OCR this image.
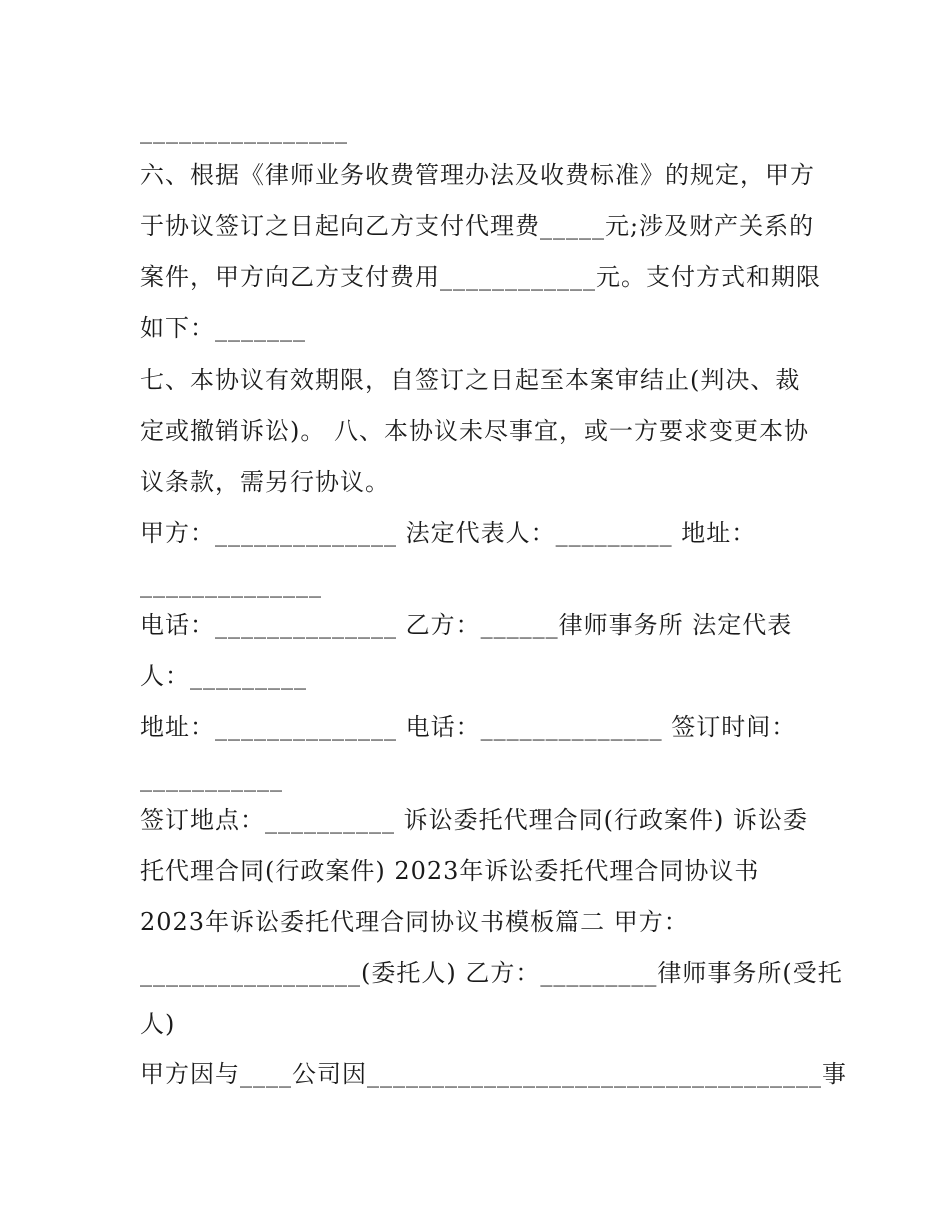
________________
六、根据《律师业务收费管理办法及收费标准》的规定，甲方
于协议签订之日起向乙方支付代理费_____元;涉及财产关系的
案件，甲方向乙方支付费用____________元。支付方式和期限
如下：_______
七、本协议有效期限，自签订之日起至本案审结止(判决、裁
定或撤销诉讼)。 八、本协议未尽事宜，或一方要求变更本协
议条款，需另行协议。
甲方：______________ 法定代表人：_________ 地址：
______________
电话：______________ 乙方：______律师事务所 法定代表
人：_________
地址：______________ 电话：______________ 签订时间：
___________
签订地点：__________ 诉讼委托代理合同(行政案件) 诉讼委
托代理合同(行政案件) 2023年诉讼委托代理合同协议书
2023年诉讼委托代理合同协议书模板篇二 甲方：
_________________(委托人) 乙方：_________律师事务所(受托
人)
甲方因与____公司因___________________________________事
